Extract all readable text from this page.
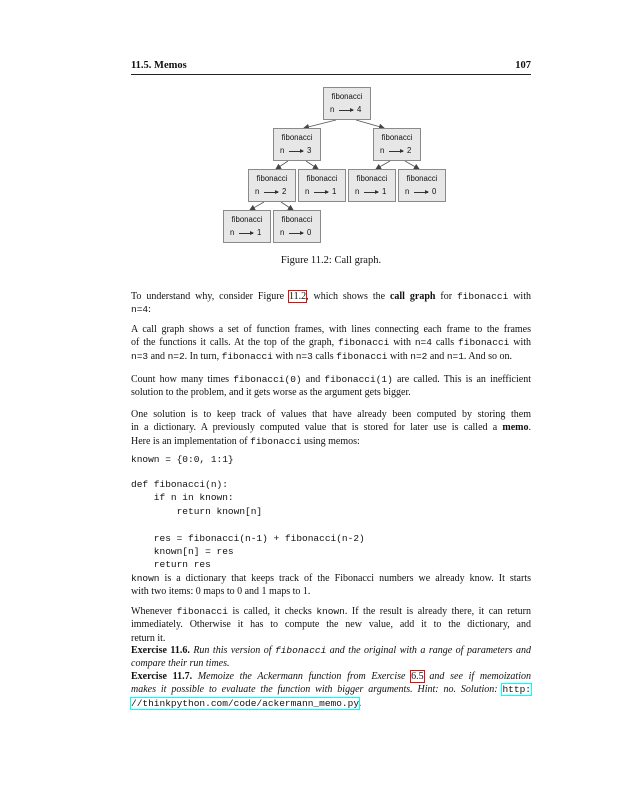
11.5. Memos	107
fibonacci
n	4
fibonacci
n	3
fibonacci
n	2
fibonacci
n	2
fibonacci
n	1
fibonacci
n	1
fibonacci
n	0
fibonacci
n	1
fibonacci
n	0
Figure 11.2: Call graph.

To understand why, consider Figure 11.2, which shows the call graph for fibonacci with
n=4:

A call graph shows a set of function frames, with lines connecting each frame to the frames
of the functions it calls. At the top of the graph, fibonacci with n=4 calls fibonacci with
n=3 and n=2. In turn, fibonacci with n=3 calls fibonacci with n=2 and n=1. And so on.

Count how many times fibonacci(0) and fibonacci(1) are called. This is an inefficient
solution to the problem, and it gets worse as the argument gets bigger.

One solution is to keep track of values that have already been computed by storing them
in a dictionary. A previously computed value that is stored for later use is called a memo.
Here is an implementation of fibonacci using memos:

known = {0:0, 1:1}
def fibonacci(n):
if n in known:
return known[n]

res = fibonacci(n-1) + fibonacci(n-2)
known[n] = res
return res

known is a dictionary that keeps track of the Fibonacci numbers we already know. It starts
with two items: 0 maps to 0 and 1 maps to 1.

Whenever fibonacci is called, it checks known. If the result is already there, it can return
immediately. Otherwise it has to compute the new value, add it to the dictionary, and
return it.

Exercise 11.6. Run this version of fibonacci and the original with a range of parameters and
compare their run times.

Exercise 11.7. Memoize the Ackermann function from Exercise 6.5 and see if memoization
makes it possible to evaluate the function with bigger arguments. Hint: no. Solution: http:
//thinkpython.com/code/ackermann_memo.py.
